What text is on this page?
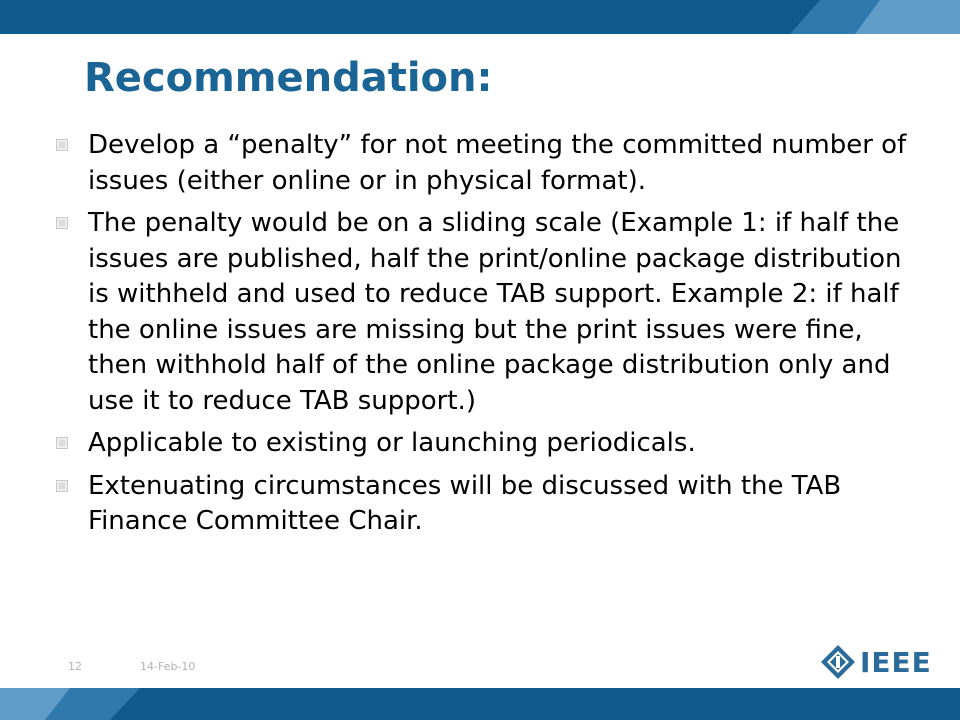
Recommendation:
Develop a “penalty” for not meeting the committed number of issues (either online or in physical format).
The penalty would be on a sliding scale (Example 1: if half the issues are published, half the print/online package distribution is withheld and used to reduce TAB support. Example 2: if half the online issues are missing but the print issues were fine, then withhold half of the online package distribution only and use it to reduce TAB support.)
Applicable to existing or launching periodicals.
Extenuating circumstances will be discussed with the TAB Finance Committee Chair.
12	14-Feb-10	IEEE
